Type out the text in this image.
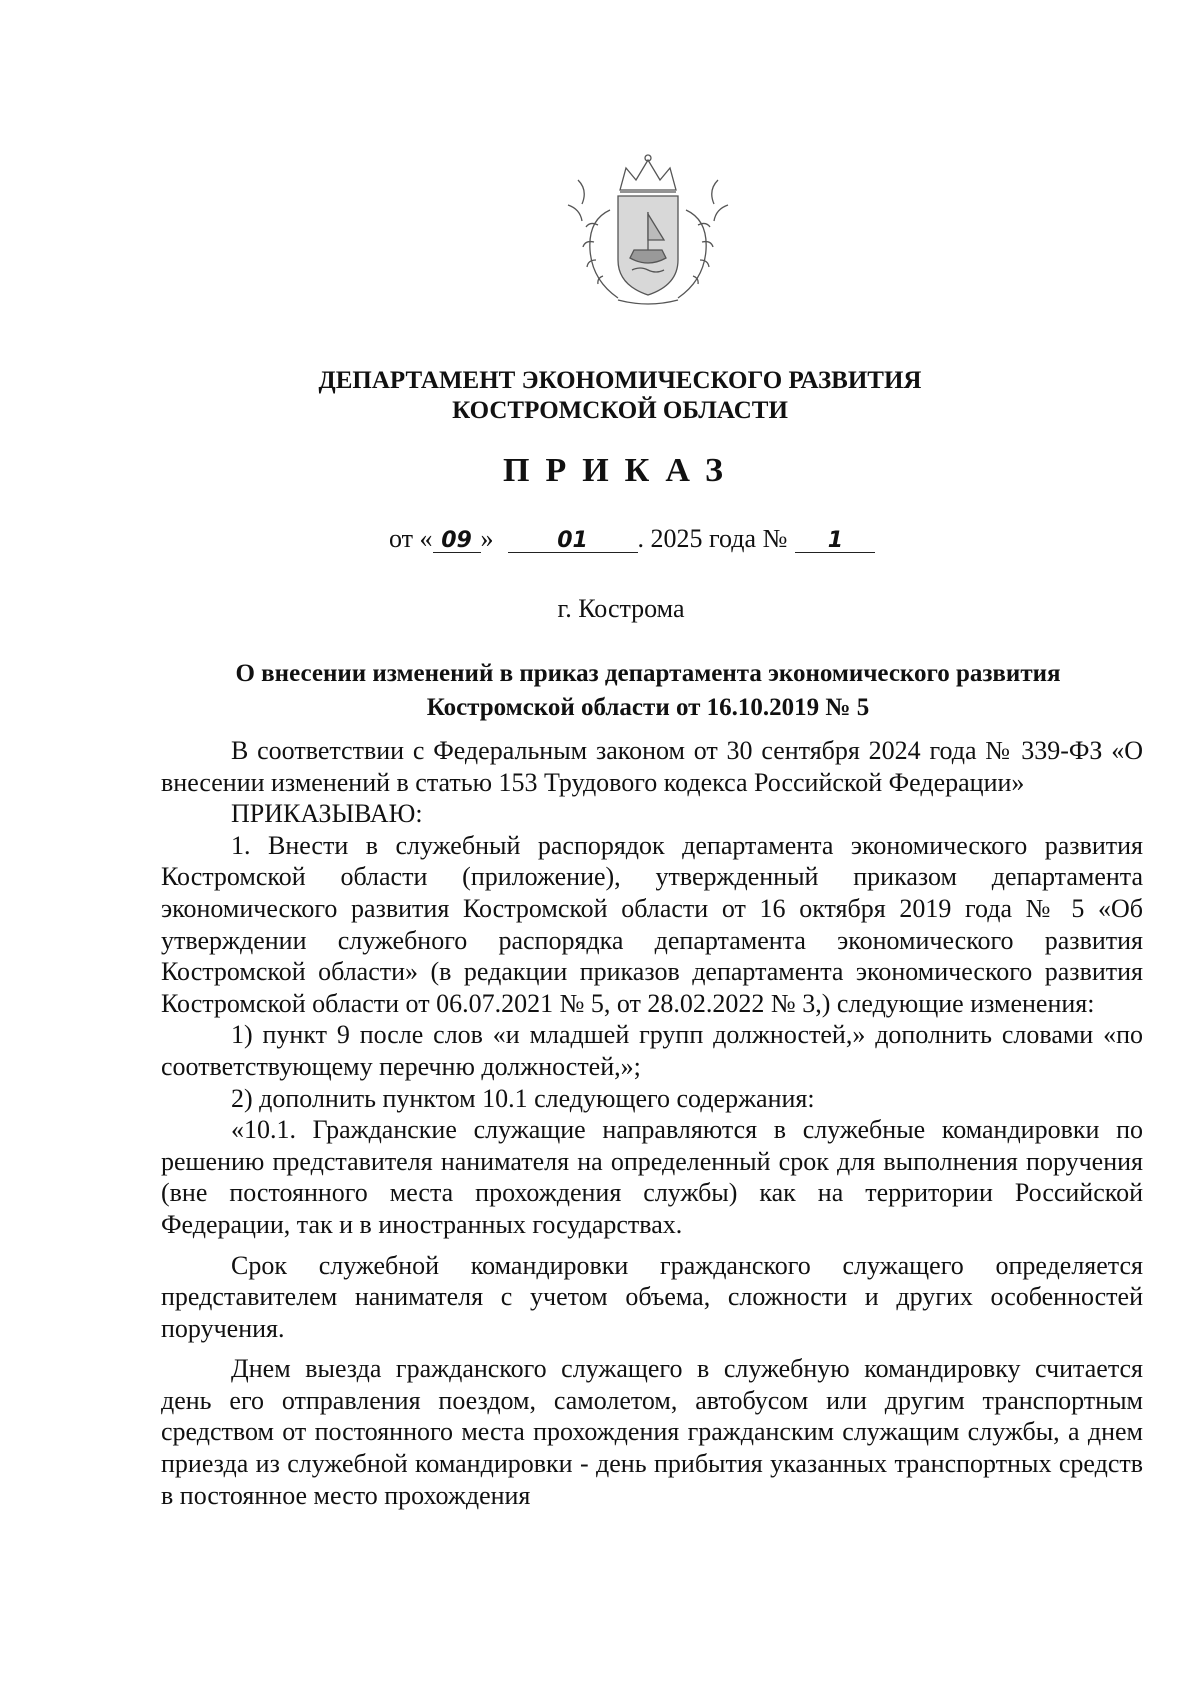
ДЕПАРТАМЕНТ ЭКОНОМИЧЕСКОГО РАЗВИТИЯ
КОСТРОМСКОЙ ОБЛАСТИ
ПРИКАЗ
от « 09 »	01 . 2025 года № 1
г. Кострома
О внесении изменений в приказ департамента экономического развития
Костромской области от 16.10.2019 № 5

В соответствии с Федеральным законом от 30 сентября 2024 года № 339-ФЗ «О внесении изменений в статью 153 Трудового кодекса Российской Федерации»

ПРИКАЗЫВАЮ:

1. Внести в служебный распорядок департамента экономического развития Костромской области (приложение), утвержденный приказом департамента экономического развития Костромской области от 16 октября 2019 года № 5 «Об утверждении служебного распорядка департамента экономического развития Костромской области» (в редакции приказов департамента экономического развития Костромской области от 06.07.2021 № 5, от 28.02.2022 № 3,) следующие изменения:

1) пункт 9 после слов «и младшей групп должностей,» дополнить словами «по соответствующему перечню должностей,»;

2) дополнить пунктом 10.1 следующего содержания:

«10.1. Гражданские служащие направляются в служебные командировки по решению представителя нанимателя на определенный срок для выполнения поручения (вне постоянного места прохождения службы) как на территории Российской Федерации, так и в иностранных государствах.

Срок служебной командировки гражданского служащего определяется представителем нанимателя с учетом объема, сложности и других особенностей поручения.

Днем выезда гражданского служащего в служебную командировку считается день его отправления поездом, самолетом, автобусом или другим транспортным средством от постоянного места прохождения гражданским служащим службы, а днем приезда из служебной командировки - день прибытия указанных транспортных средств в постоянное место прохождения
